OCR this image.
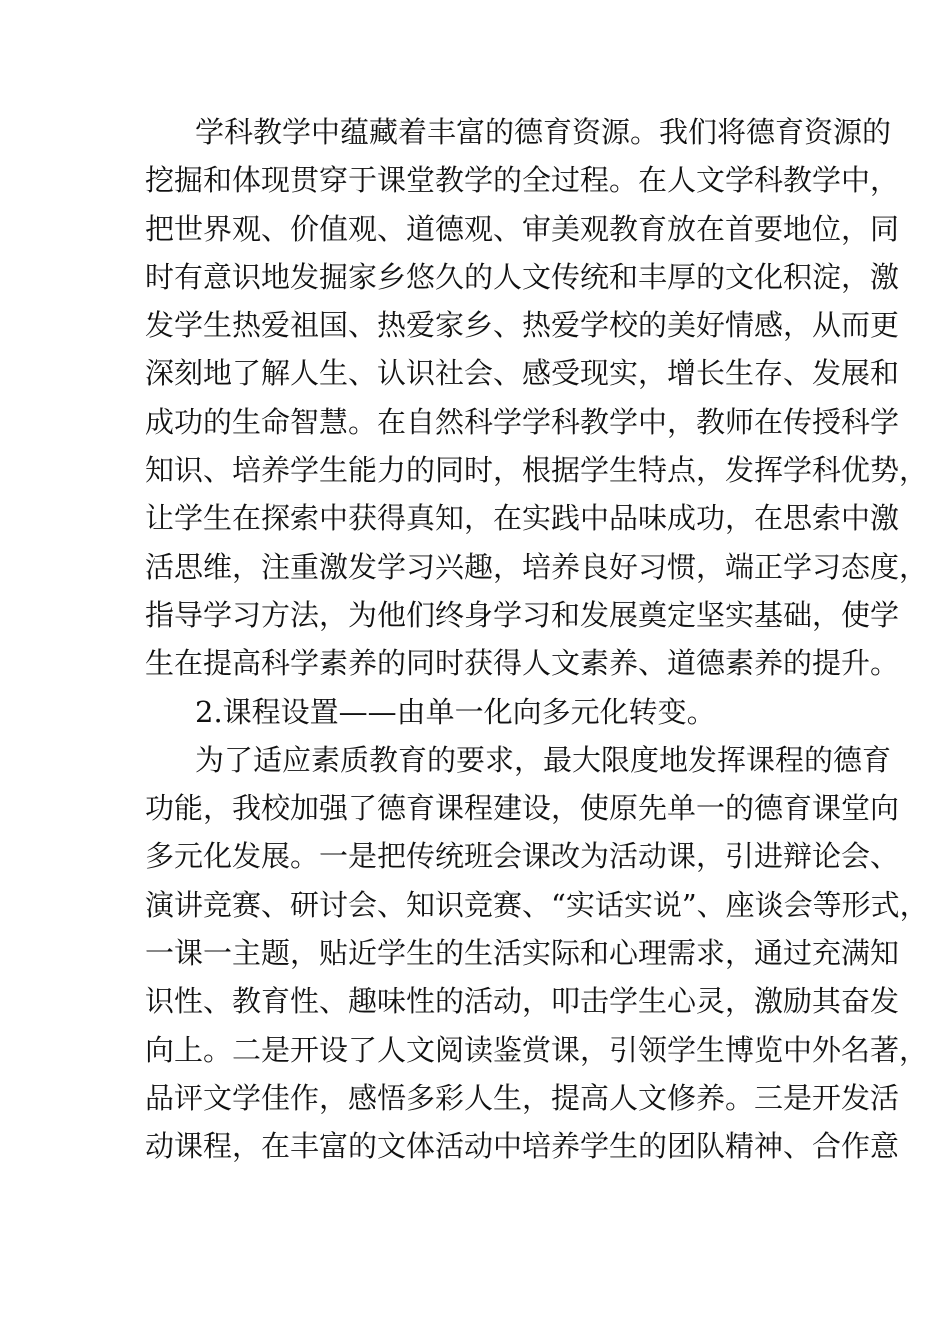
学科教学中蕴藏着丰富的德育资源。我们将德育资源的
挖掘和体现贯穿于课堂教学的全过程。在人文学科教学中，
把世界观、价值观、道德观、审美观教育放在首要地位，同
时有意识地发掘家乡悠久的人文传统和丰厚的文化积淀，激
发学生热爱祖国、热爱家乡、热爱学校的美好情感，从而更
深刻地了解人生、认识社会、感受现实，增长生存、发展和
成功的生命智慧。在自然科学学科教学中，教师在传授科学
知识、培养学生能力的同时，根据学生特点，发挥学科优势，
让学生在探索中获得真知，在实践中品味成功，在思索中激
活思维，注重激发学习兴趣，培养良好习惯，端正学习态度，
指导学习方法，为他们终身学习和发展奠定坚实基础，使学
生在提高科学素养的同时获得人文素养、道德素养的提升。
2.课程设置——由单一化向多元化转变。
为了适应素质教育的要求，最大限度地发挥课程的德育
功能，我校加强了德育课程建设，使原先单一的德育课堂向
多元化发展。一是把传统班会课改为活动课，引进辩论会、
演讲竞赛、研讨会、知识竞赛、“实话实说”、座谈会等形式，
一课一主题，贴近学生的生活实际和心理需求，通过充满知
识性、教育性、趣味性的活动，叩击学生心灵，激励其奋发
向上。二是开设了人文阅读鉴赏课，引领学生博览中外名著，
品评文学佳作，感悟多彩人生，提高人文修养。三是开发活
动课程，在丰富的文体活动中培养学生的团队精神、合作意
